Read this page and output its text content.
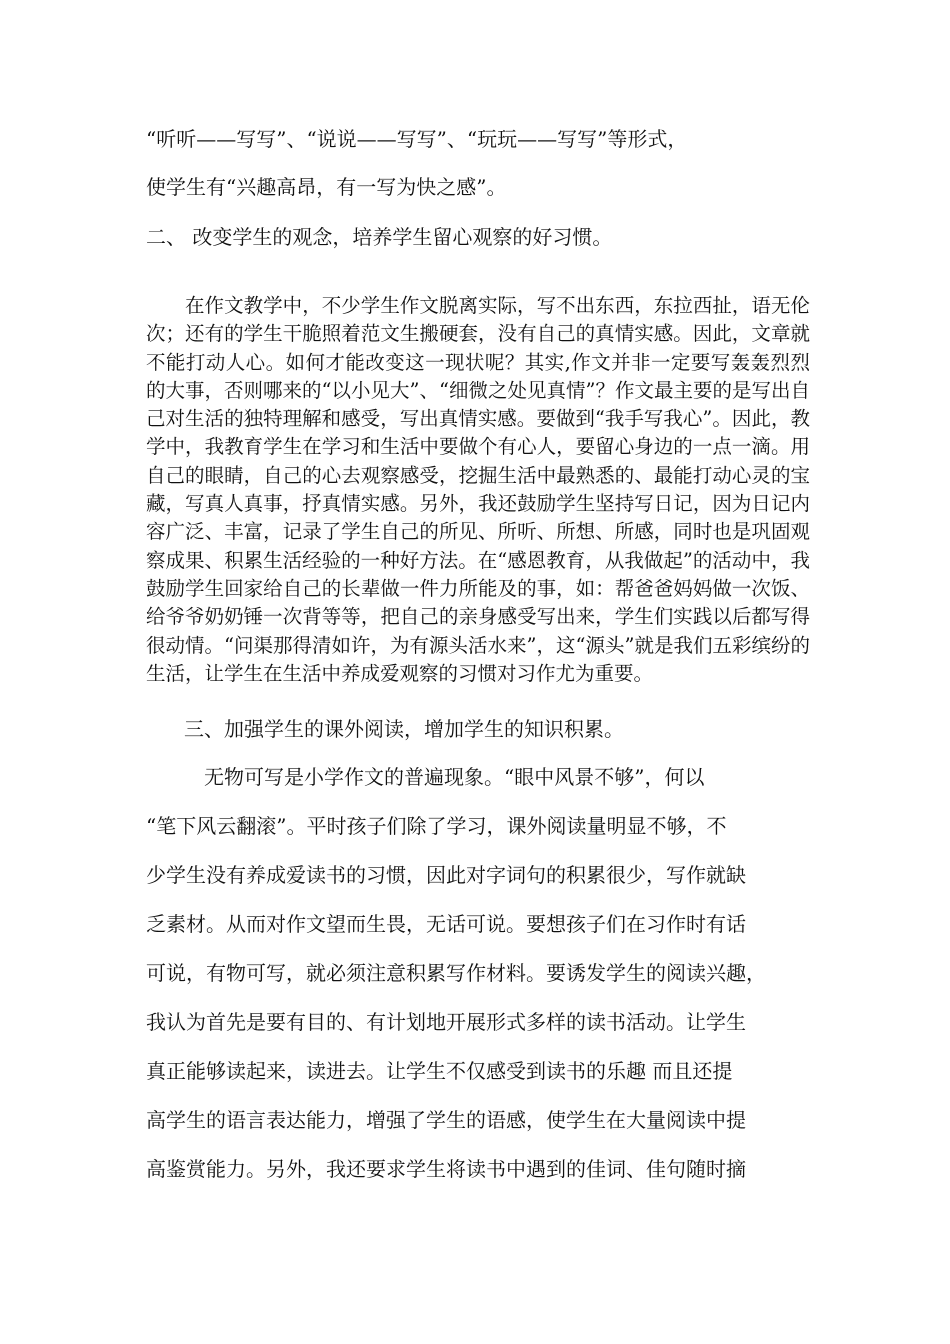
“听听——写写”、“说说——写写”、“玩玩——写写”等形式，
使学生有“兴趣高昂，有一写为快之感”。
二、 改变学生的观念，培养学生留心观察的好习惯。
在作文教学中，不少学生作文脱离实际，写不出东西，东拉西扯，语无伦次；还有的学生干脆照着范文生搬硬套，没有自己的真情实感。因此，文章就不能打动人心。如何才能改变这一现状呢？其实,作文并非一定要写轰轰烈烈的大事，否则哪来的“以小见大”、“细微之处见真情”？作文最主要的是写出自己对生活的独特理解和感受，写出真情实感。要做到“我手写我心”。因此，教学中，我教育学生在学习和生活中要做个有心人，要留心身边的一点一滴。用自己的眼睛，自己的心去观察感受，挖掘生活中最熟悉的、最能打动心灵的宝藏，写真人真事，抒真情实感。另外，我还鼓励学生坚持写日记，因为日记内容广泛、丰富，记录了学生自己的所见、所听、所想、所感，同时也是巩固观察成果、积累生活经验的一种好方法。在“感恩教育，从我做起”的活动中，我鼓励学生回家给自己的长辈做一件力所能及的事，如：帮爸爸妈妈做一次饭、给爷爷奶奶锤一次背等等，把自己的亲身感受写出来，学生们实践以后都写得很动情。“问渠那得清如许，为有源头活水来”，这“源头”就是我们五彩缤纷的生活，让学生在生活中养成爱观察的习惯对习作尤为重要。
三、加强学生的课外阅读，增加学生的知识积累。
无物可写是小学作文的普遍现象。“眼中风景不够”，何以
“笔下风云翻滚”。平时孩子们除了学习，课外阅读量明显不够，不
少学生没有养成爱读书的习惯，因此对字词句的积累很少，写作就缺
乏素材。从而对作文望而生畏，无话可说。要想孩子们在习作时有话
可说，有物可写，就必须注意积累写作材料。要诱发学生的阅读兴趣，
我认为首先是要有目的、有计划地开展形式多样的读书活动。让学生
真正能够读起来，读进去。让学生不仅感受到读书的乐趣 而且还提
高学生的语言表达能力，增强了学生的语感，使学生在大量阅读中提
高鉴赏能力。另外，我还要求学生将读书中遇到的佳词、佳句随时摘
